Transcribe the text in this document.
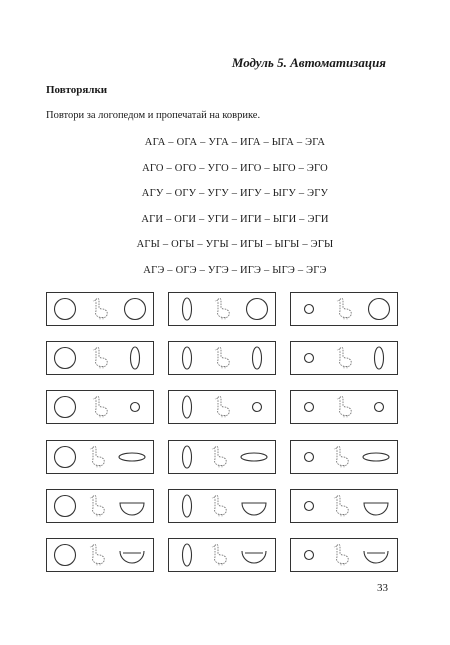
Модуль 5. Автоматизация
Повторялки
Повтори за логопедом и пропечатай на коврике.
АГА – ОГА – УГА – ИГА – ЫГА – ЭГА
АГО – ОГО – УГО – ИГО – ЫГО – ЭГО
АГУ – ОГУ – УГУ – ИГУ – ЫГУ – ЭГУ
АГИ – ОГИ – УГИ – ИГИ – ЫГИ – ЭГИ
АГЫ – ОГЫ – УГЫ – ИГЫ – ЫГЫ – ЭГЫ
АГЭ – ОГЭ – УГЭ – ИГЭ – ЫГЭ – ЭГЭ
33
